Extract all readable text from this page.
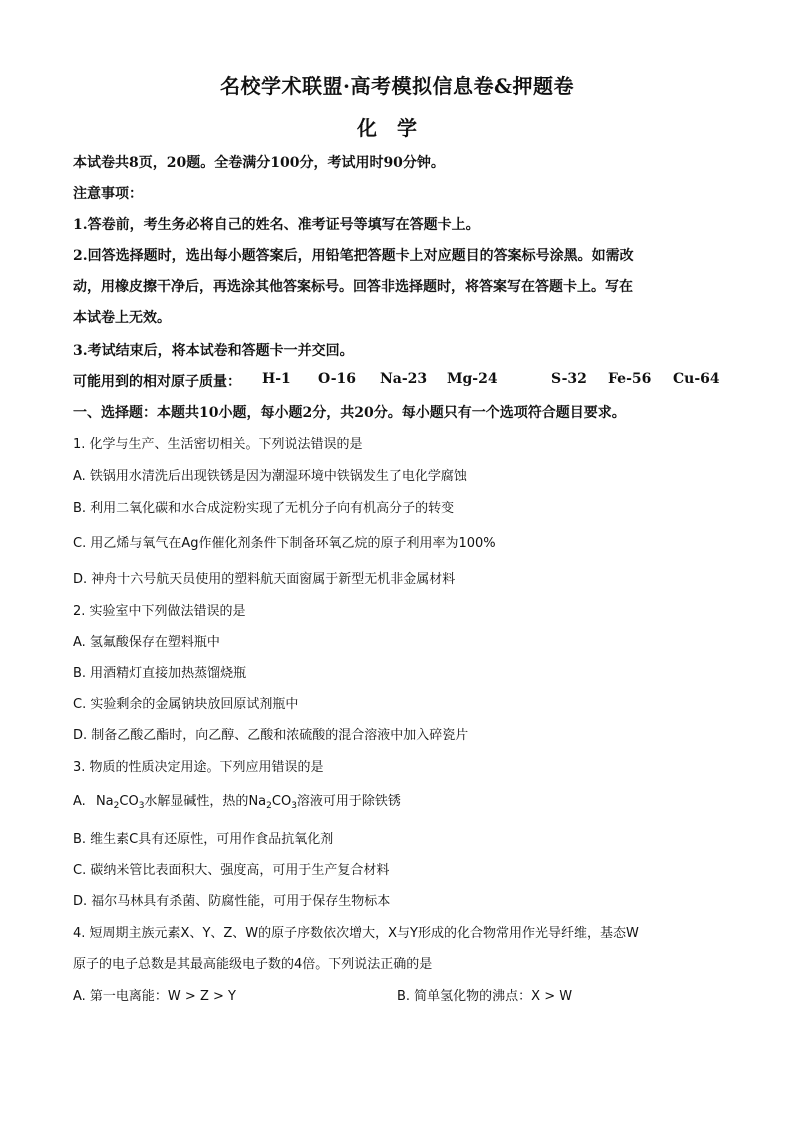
名校学术联盟·高考模拟信息卷&押题卷
化学
本试卷共8页，20题。全卷满分100分，考试用时90分钟。
注意事项：
1.答卷前，考生务必将自己的姓名、准考证号等填写在答题卡上。
2.回答选择题时，选出每小题答案后，用铅笔把答题卡上对应题目的答案标号涂黑。如需改
动，用橡皮擦干净后，再选涂其他答案标号。回答非选择题时，将答案写在答题卡上。写在
本试卷上无效。
3.考试结束后，将本试卷和答题卡一并交回。
可能用到的相对原子质量： H-1 O-16 Na-23 Mg-24	S-32 Fe-56 Cu-64
一、选择题：本题共10小题，每小题2分，共20分。每小题只有一个选项符合题目要求。
1. 化学与生产、生活密切相关。下列说法错误的是
A. 铁锅用水清洗后出现铁锈是因为潮湿环境中铁锅发生了电化学腐蚀
B. 利用二氧化碳和水合成淀粉实现了无机分子向有机高分子的转变
C. 用乙烯与氧气在Ag作催化剂条件下制备环氧乙烷的原子利用率为100%
D. 神舟十六号航天员使用的塑料航天面窗属于新型无机非金属材料
2. 实验室中下列做法错误的是
A. 氢氟酸保存在塑料瓶中
B. 用酒精灯直接加热蒸馏烧瓶
C. 实验剩余的金属钠块放回原试剂瓶中
D. 制备乙酸乙酯时，向乙醇、乙酸和浓硫酸的混合溶液中加入碎瓷片
3. 物质的性质决定用途。下列应用错误的是
A. $Na_2CO_3$水解显碱性，热的$Na_2CO_3$溶液可用于除铁锈
B. 维生素C具有还原性，可用作食品抗氧化剂
C. 碳纳米管比表面积大、强度高，可用于生产复合材料
D. 福尔马林具有杀菌、防腐性能，可用于保存生物标本
4. 短周期主族元素X、Y、Z、W的原子序数依次增大，X与Y形成的化合物常用作光导纤维，基态W
原子的电子总数是其最高能级电子数的4倍。下列说法正确的是
A. 第一电离能：W > Z > Y	B. 简单氢化物的沸点：X > W
